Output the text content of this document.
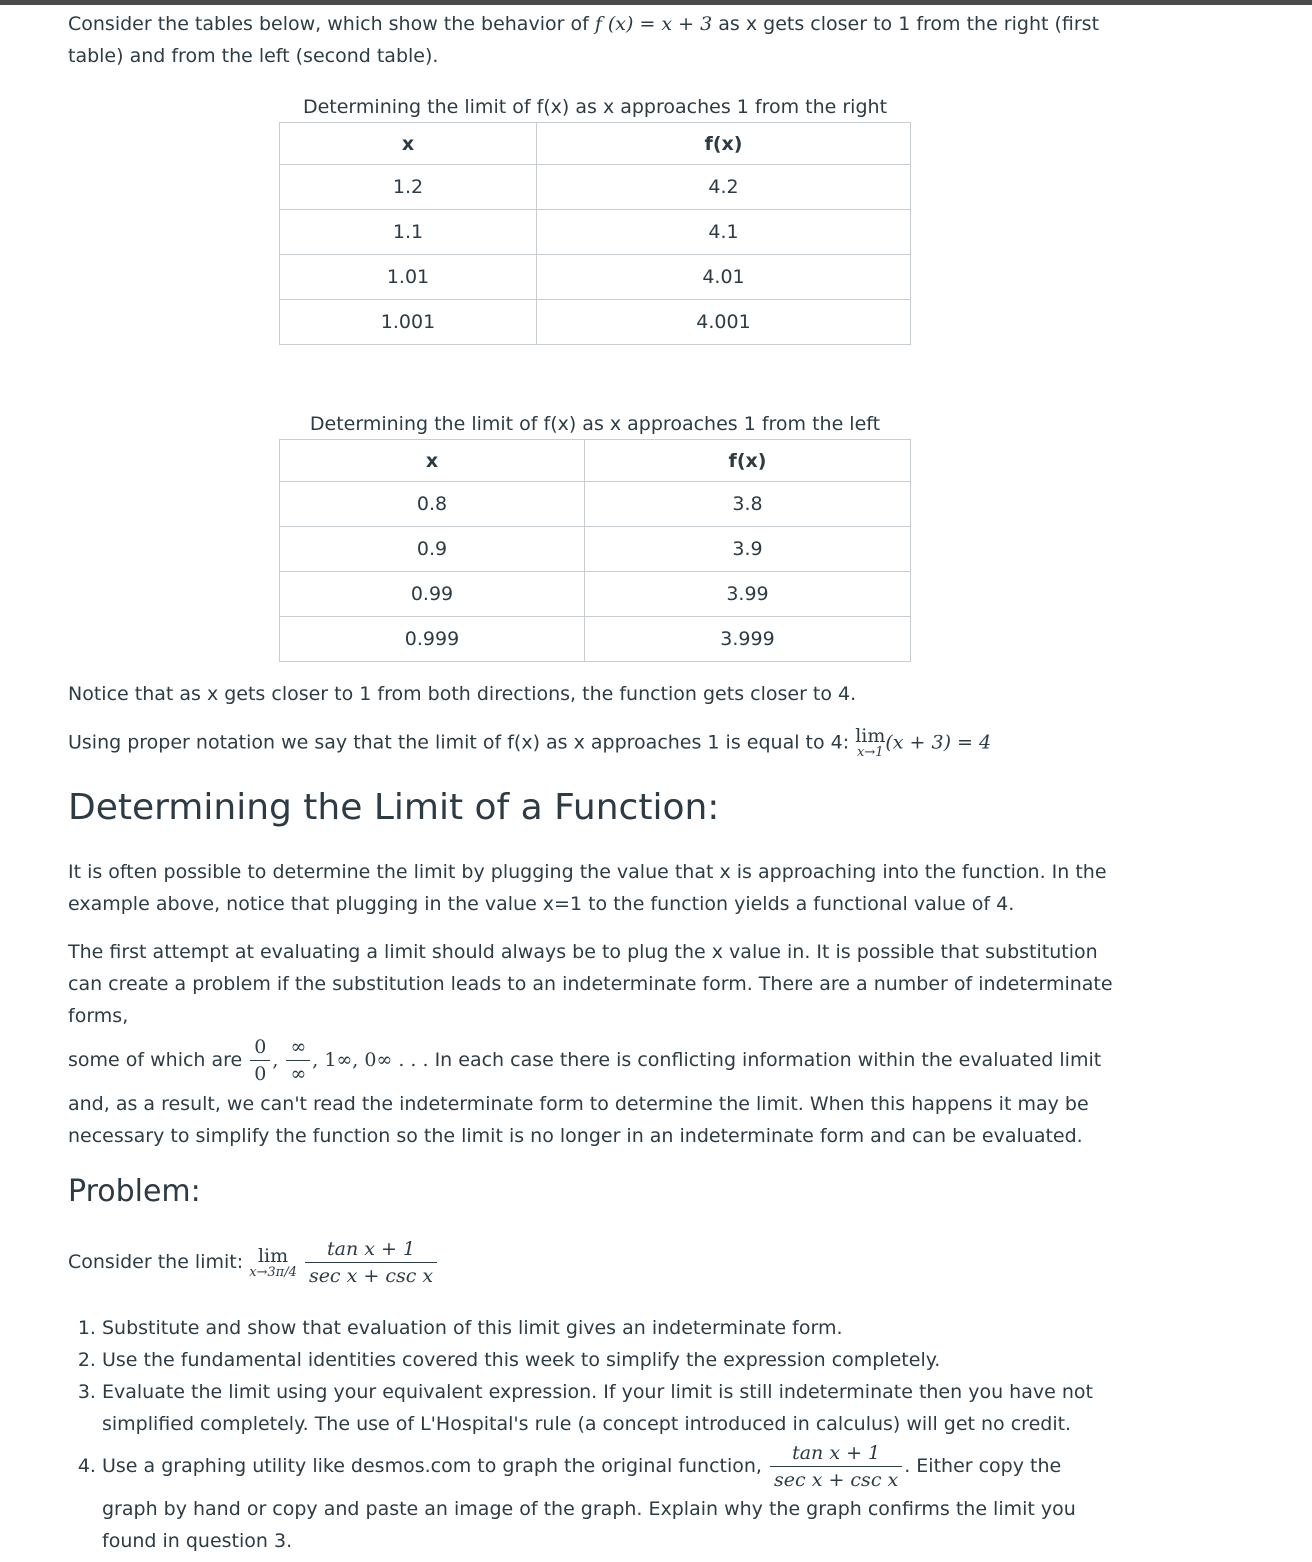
Consider the tables below, which show the behavior of f (x) = x + 3 as x gets closer to 1 from the right (first table) and from the left (second table).

Determining the limit of f(x) as x approaches 1 from the right
x	f(x)
1.2	4.2
1.1	4.1
1.01	4.01
1.001	4.001
Determining the limit of f(x) as x approaches 1 from the left
x	f(x)
0.8	3.8
0.9	3.9
0.99	3.99
0.999	3.999

Notice that as x gets closer to 1 from both directions, the function gets closer to 4.

Using proper notation we say that the limit of f(x) as x approaches 1 is equal to 4: lim
x→1 (x + 3) = 4

Determining the Limit of a Function:

It is often possible to determine the limit by plugging the value that x is approaching into the function. In the example above, notice that plugging in the value x=1 to the function yields a functional value of 4.

The first attempt at evaluating a limit should always be to plug the x value in. It is possible that substitution can create a problem if the substitution leads to an indeterminate form. There are a number of indeterminate forms,

some of which are $\frac{0}{0}$ , $\frac{\infty}{\infty}$ , 1∞, 0∞ . . . In each case there is conflicting information within the evaluated limit

and, as a result, we can't read the indeterminate form to determine the limit. When this happens it may be necessary to simplify the function so the limit is no longer in an indeterminate form and can be evaluated.

Problem:

Consider the limit: lim
x→3π/4
$\frac{\text{tan x + 1}}{\text{sec x + csc x}}$

1. Substitute and show that evaluation of this limit gives an indeterminate form.
2. Use the fundamental identities covered this week to simplify the expression completely.
3. Evaluate the limit using your equivalent expression. If your limit is still indeterminate then you have not simplified completely. The use of L'Hospital's rule (a concept introduced in calculus) will get no credit.
4. Use a graphing utility like desmos.com to graph the original function, $\frac{\text{tan x + 1}}{\text{sec x + csc x}}$ . Either copy the graph by hand or copy and paste an image of the graph. Explain why the graph confirms the limit you found in question 3.
